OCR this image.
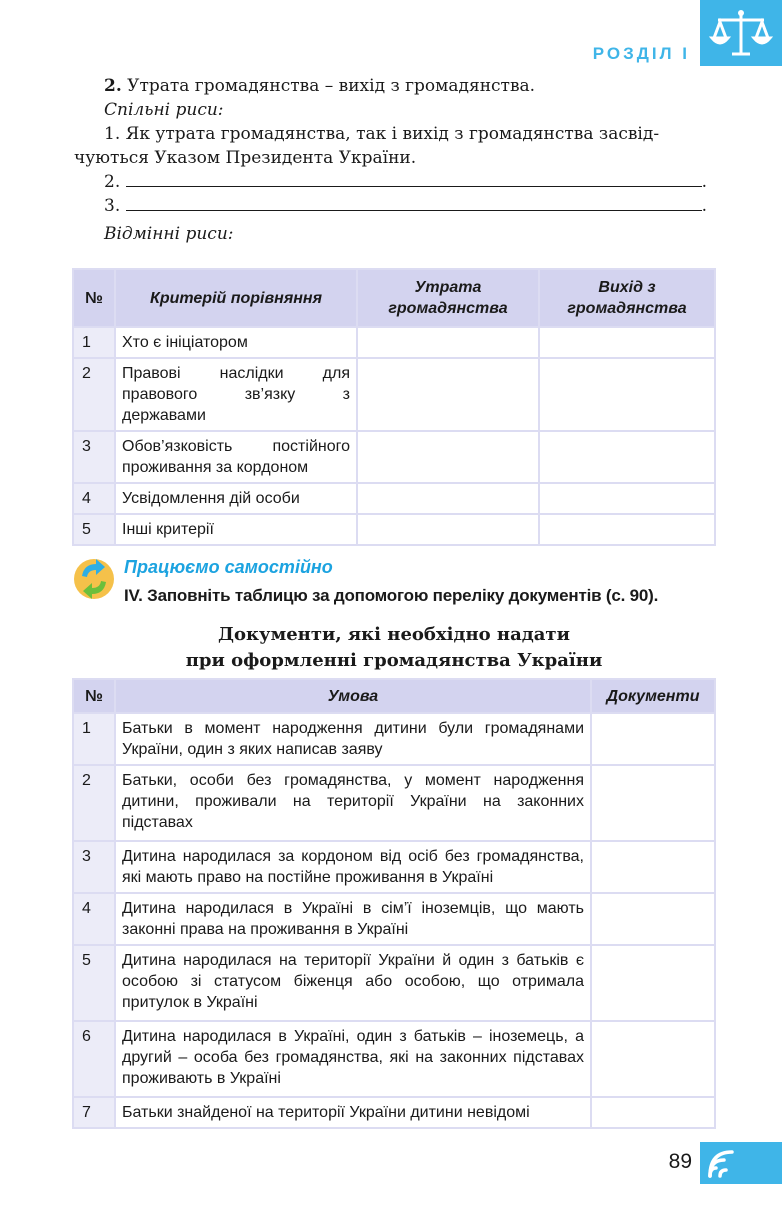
РОЗДІЛ I
2. Утрата громадянства – вихід з громадянства.
Спільні риси:
1. Як утрата громадянства, так і вихід з громадянства засвід-
чуються Указом Президента України.
2.	.
3.	.
Відмінні риси:
№	Критерій порівняння	Утрата громадянства	Вихід з громадянства
1	Хто є ініціатором		
2	Правові наслідки для правового зв’язку з державами		
3	Обов’язковість постійного проживання за кордоном		
4	Усвідомлення дій особи		
5	Інші критерії		
Працюємо самостійно
IV. Заповніть таблицю за допомогою переліку документів (с. 90).
Документи, які необхідно надати
при оформленні громадянства України
№	Умова	Документи
1	Батьки в момент народження дитини були громадянами України, один з яких написав заяву	
2	Батьки, особи без громадянства, у момент народження дитини, проживали на території України на законних підставах	
3	Дитина народилася за кордоном від осіб без громадянства, які мають право на постійне проживання в Україні	
4	Дитина народилася в Україні в сім’ї іноземців, що мають законні права на проживання в Україні	
5	Дитина народилася на території України й один з батьків є особою зі статусом біженця або особою, що отримала притулок в Україні	
6	Дитина народилася в Україні, один з батьків – іноземець, а другий – особа без громадянства, які на законних підставах проживають в Україні	
7	Батьки знайденої на території України дитини невідомі	
89
